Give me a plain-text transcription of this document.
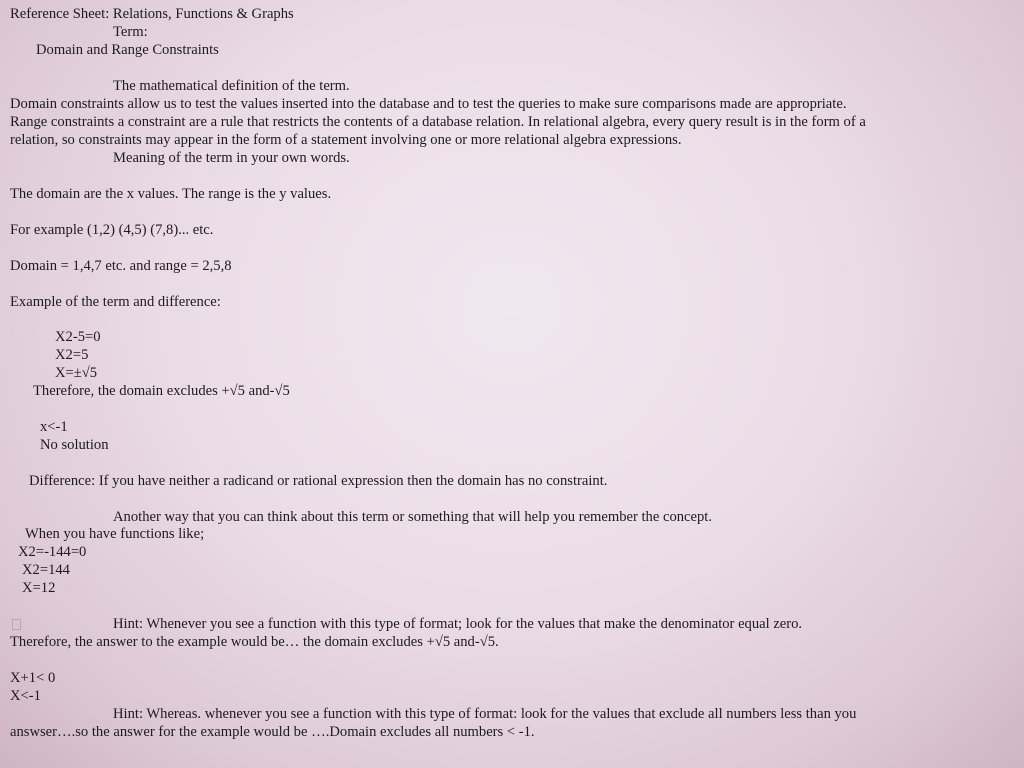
Reference Sheet: Relations, Functions & Graphs
Term:
Domain and Range Constraints
The mathematical definition of the term.
Domain constraints allow us to test the values inserted into the database and to test the queries to make sure comparisons made are appropriate.
Range constraints a constraint are a rule that restricts the contents of a database relation. In relational algebra, every query result is in the form of a
relation, so constraints may appear in the form of a statement involving one or more relational algebra expressions.
Meaning of the term in your own words.
The domain are the x values. The range is the y values.
For example (1,2) (4,5) (7,8)... etc.
Domain = 1,4,7 etc. and range = 2,5,8
Example of the term and difference:
X2-5=0
X2=5
X=±√5
Therefore, the domain excludes +√5 and-√5
x<-1
No solution
Difference: If you have neither a radicand or rational expression then the domain has no constraint.
Another way that you can think about this term or something that will help you remember the concept.
When you have functions like;
X2=-144=0
X2=144
X=12
Hint: Whenever you see a function with this type of format; look for the values that make the denominator equal zero.
Therefore, the answer to the example would be… the domain excludes +√5 and-√5.
X+1< 0
X<-1
Hint: Whereas. whenever you see a function with this type of format: look for the values that exclude all numbers less than you
answser….so the answer for the example would be ….Domain excludes all numbers < -1.
